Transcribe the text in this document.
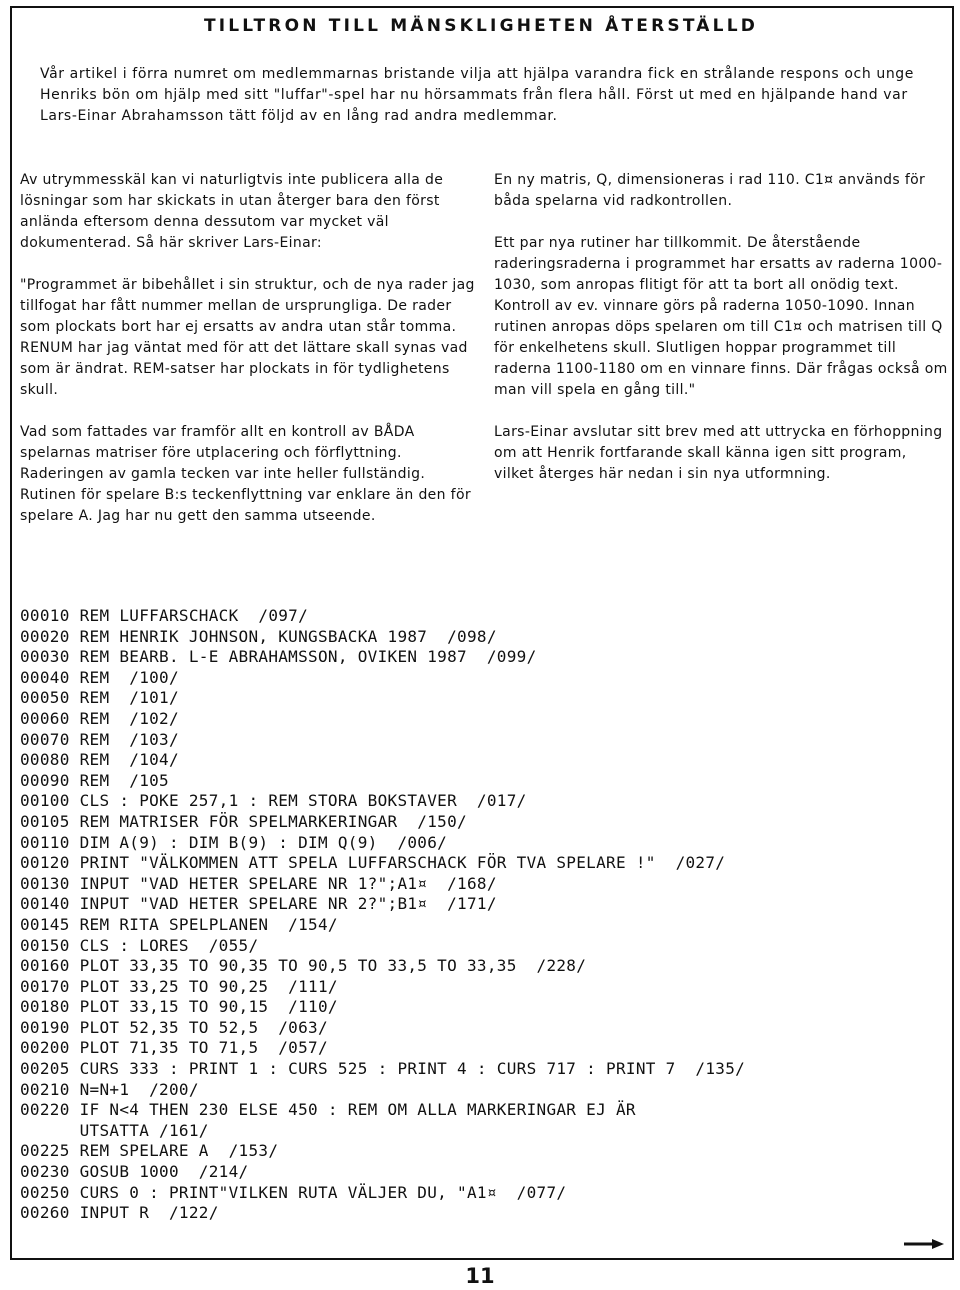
TILLTRON TILL MÄNSKLIGHETEN ÅTERSTÄLLD
Vår artikel i förra numret om medlemmarnas bristande vilja att hjälpa varandra fick en strålande respons och unge Henriks bön om hjälp med sitt "luffar"-spel har nu hörsammats från flera håll. Först ut med en hjälpande hand var Lars-Einar Abrahamsson tätt följd av en lång rad andra medlemmar.

Av utrymmesskäl kan vi naturligtvis inte publicera alla de lösningar som har skickats in utan återger bara den först anlända eftersom denna dessutom var mycket väl dokumenterad. Så här skriver Lars-Einar:

"Programmet är bibehållet i sin struktur, och de nya rader jag tillfogat har fått nummer mellan de ursprungliga. De rader som plockats bort har ej ersatts av andra utan står tomma. RENUM har jag väntat med för att det lättare skall synas vad som är ändrat. REM-satser har plockats in för tydlighetens skull.

Vad som fattades var framför allt en kontroll av BÅDA spelarnas matriser före utplacering och förflyttning. Raderingen av gamla tecken var inte heller fullständig. Rutinen för spelare B:s teckenflyttning var enklare än den för spelare A. Jag har nu gett den samma utseende.

En ny matris, Q, dimensioneras i rad 110. C1¤ används för båda spelarna vid radkontrollen.

Ett par nya rutiner har tillkommit. De återstående raderingsraderna i programmet har ersatts av raderna 1000-1030, som anropas flitigt för att ta bort all onödig text. Kontroll av ev. vinnare görs på raderna 1050-1090. Innan rutinen anropas döps spelaren om till C1¤ och matrisen till Q för enkelhetens skull. Slutligen hoppar programmet till raderna 1100-1180 om en vinnare finns. Där frågas också om man vill spela en gång till."

Lars-Einar avslutar sitt brev med att uttrycka en förhoppning om att Henrik fortfarande skall känna igen sitt program, vilket återges här nedan i sin nya utformning.

00010 REM LUFFARSCHACK  /097/
00020 REM HENRIK JOHNSON, KUNGSBACKA 1987  /098/
00030 REM BEARB. L-E ABRAHAMSSON, OVIKEN 1987  /099/
00040 REM  /100/
00050 REM  /101/
00060 REM  /102/
00070 REM  /103/
00080 REM  /104/
00090 REM  /105
00100 CLS : POKE 257,1 : REM STORA BOKSTAVER  /017/
00105 REM MATRISER FÖR SPELMARKERINGAR  /150/
00110 DIM A(9) : DIM B(9) : DIM Q(9)  /006/
00120 PRINT "VÄLKOMMEN ATT SPELA LUFFARSCHACK FÖR TVA SPELARE !"  /027/
00130 INPUT "VAD HETER SPELARE NR 1?";A1¤  /168/
00140 INPUT "VAD HETER SPELARE NR 2?";B1¤  /171/
00145 REM RITA SPELPLANEN  /154/
00150 CLS : LORES  /055/
00160 PLOT 33,35 TO 90,35 TO 90,5 TO 33,5 TO 33,35  /228/
00170 PLOT 33,25 TO 90,25  /111/
00180 PLOT 33,15 TO 90,15  /110/
00190 PLOT 52,35 TO 52,5  /063/
00200 PLOT 71,35 TO 71,5  /057/
00205 CURS 333 : PRINT 1 : CURS 525 : PRINT 4 : CURS 717 : PRINT 7  /135/
00210 N=N+1  /200/
00220 IF N<4 THEN 230 ELSE 450 : REM OM ALLA MARKERINGAR EJ ÄR
UTSATTA /161/
00225 REM SPELARE A  /153/
00230 GOSUB 1000  /214/
00250 CURS 0 : PRINT"VILKEN RUTA VÄLJER DU, "A1¤  /077/
00260 INPUT R  /122/
11
